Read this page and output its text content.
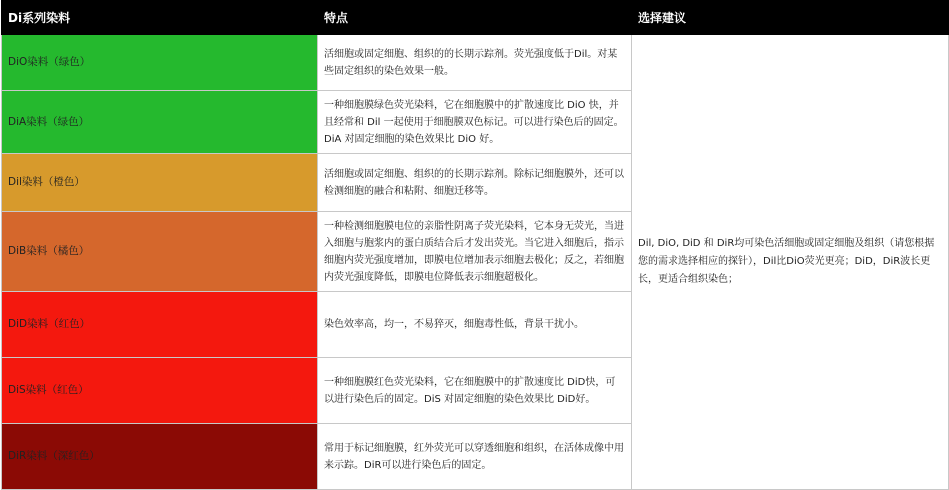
Di系列染料	特点	选择建议
DiO染料（绿色）	活细胞或固定细胞、组织的的长期示踪剂。荧光强度低于Dil。对某些固定组织的染色效果一般。	Dil, DiO, DiD 和 DiR均可染色活细胞或固定细胞及组织（请您根据您的需求选择相应的探针），Dil比DiO荧光更亮；DiD，DiR波长更长，更适合组织染色；
DiA染料（绿色）	一种细胞膜绿色荧光染料，它在细胞膜中的扩散速度比 DiO 快，并且经常和 Dil 一起使用于细胞膜双色标记。可以进行染色后的固定。DiA 对固定细胞的染色效果比 DiO 好。	
Dil染料（橙色）	活细胞或固定细胞、组织的的长期示踪剂。除标记细胞膜外，还可以检测细胞的融合和粘附、细胞迁移等。	
DiB染料（橘色）	一种检测细胞膜电位的亲脂性阴离子荧光染料，它本身无荧光，当进入细胞与胞浆内的蛋白质结合后才发出荧光。当它进入细胞后，指示细胞内荧光强度增加，即膜电位增加表示细胞去极化；反之，若细胞内荧光强度降低，即膜电位降低表示细胞超极化。	
DiD染料（红色）	染色效率高，均一，不易猝灭，细胞毒性低，背景干扰小。	
DiS染料（红色）	一种细胞膜红色荧光染料，它在细胞膜中的扩散速度比 DiD快，可以进行染色后的固定。DiS 对固定细胞的染色效果比 DiD好。	
DiR染料（深红色）	常用于标记细胞膜，红外荧光可以穿透细胞和组织，在活体成像中用来示踪。DiR可以进行染色后的固定。	
